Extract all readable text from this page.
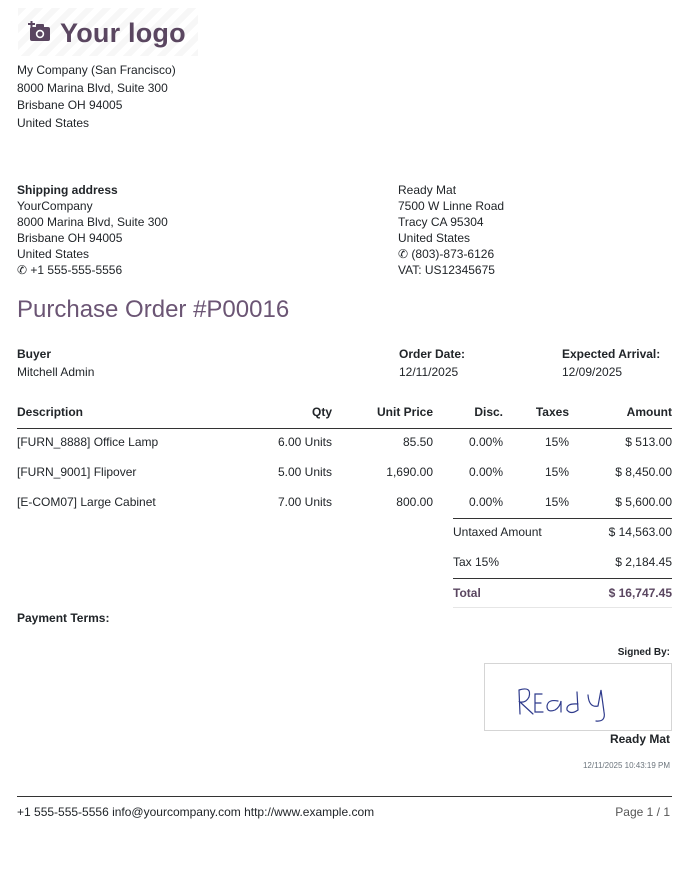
Your logo
My Company (San Francisco)
8000 Marina Blvd, Suite 300
Brisbane OH 94005
United States
Shipping address
YourCompany
8000 Marina Blvd, Suite 300
Brisbane OH 94005
United States
✆ +1 555-555-5556
Ready Mat
7500 W Linne Road
Tracy CA 95304
United States
✆ (803)-873-6126
VAT: US12345675
Purchase Order #P00016
Buyer
Mitchell Admin
Order Date:
12/11/2025
Expected Arrival:
12/09/2025
Description	Qty	Unit Price	Disc.	Taxes	Amount
[FURN_8888] Office Lamp	6.00 Units	85.50	0.00%	15%	$ 513.00
[FURN_9001] Flipover	5.00 Units	1,690.00	0.00%	15%	$ 8,450.00
[E-COM07] Large Cabinet	7.00 Units	800.00	0.00%	15%	$ 5,600.00
Untaxed Amount	$ 14,563.00
Tax 15%	$ 2,184.45
Total	$ 16,747.45
Payment Terms:
Signed By:
Ready Mat
12/11/2025 10:43:19 PM
+1 555-555-5556 info@yourcompany.com http://www.example.com	Page 1 / 1
